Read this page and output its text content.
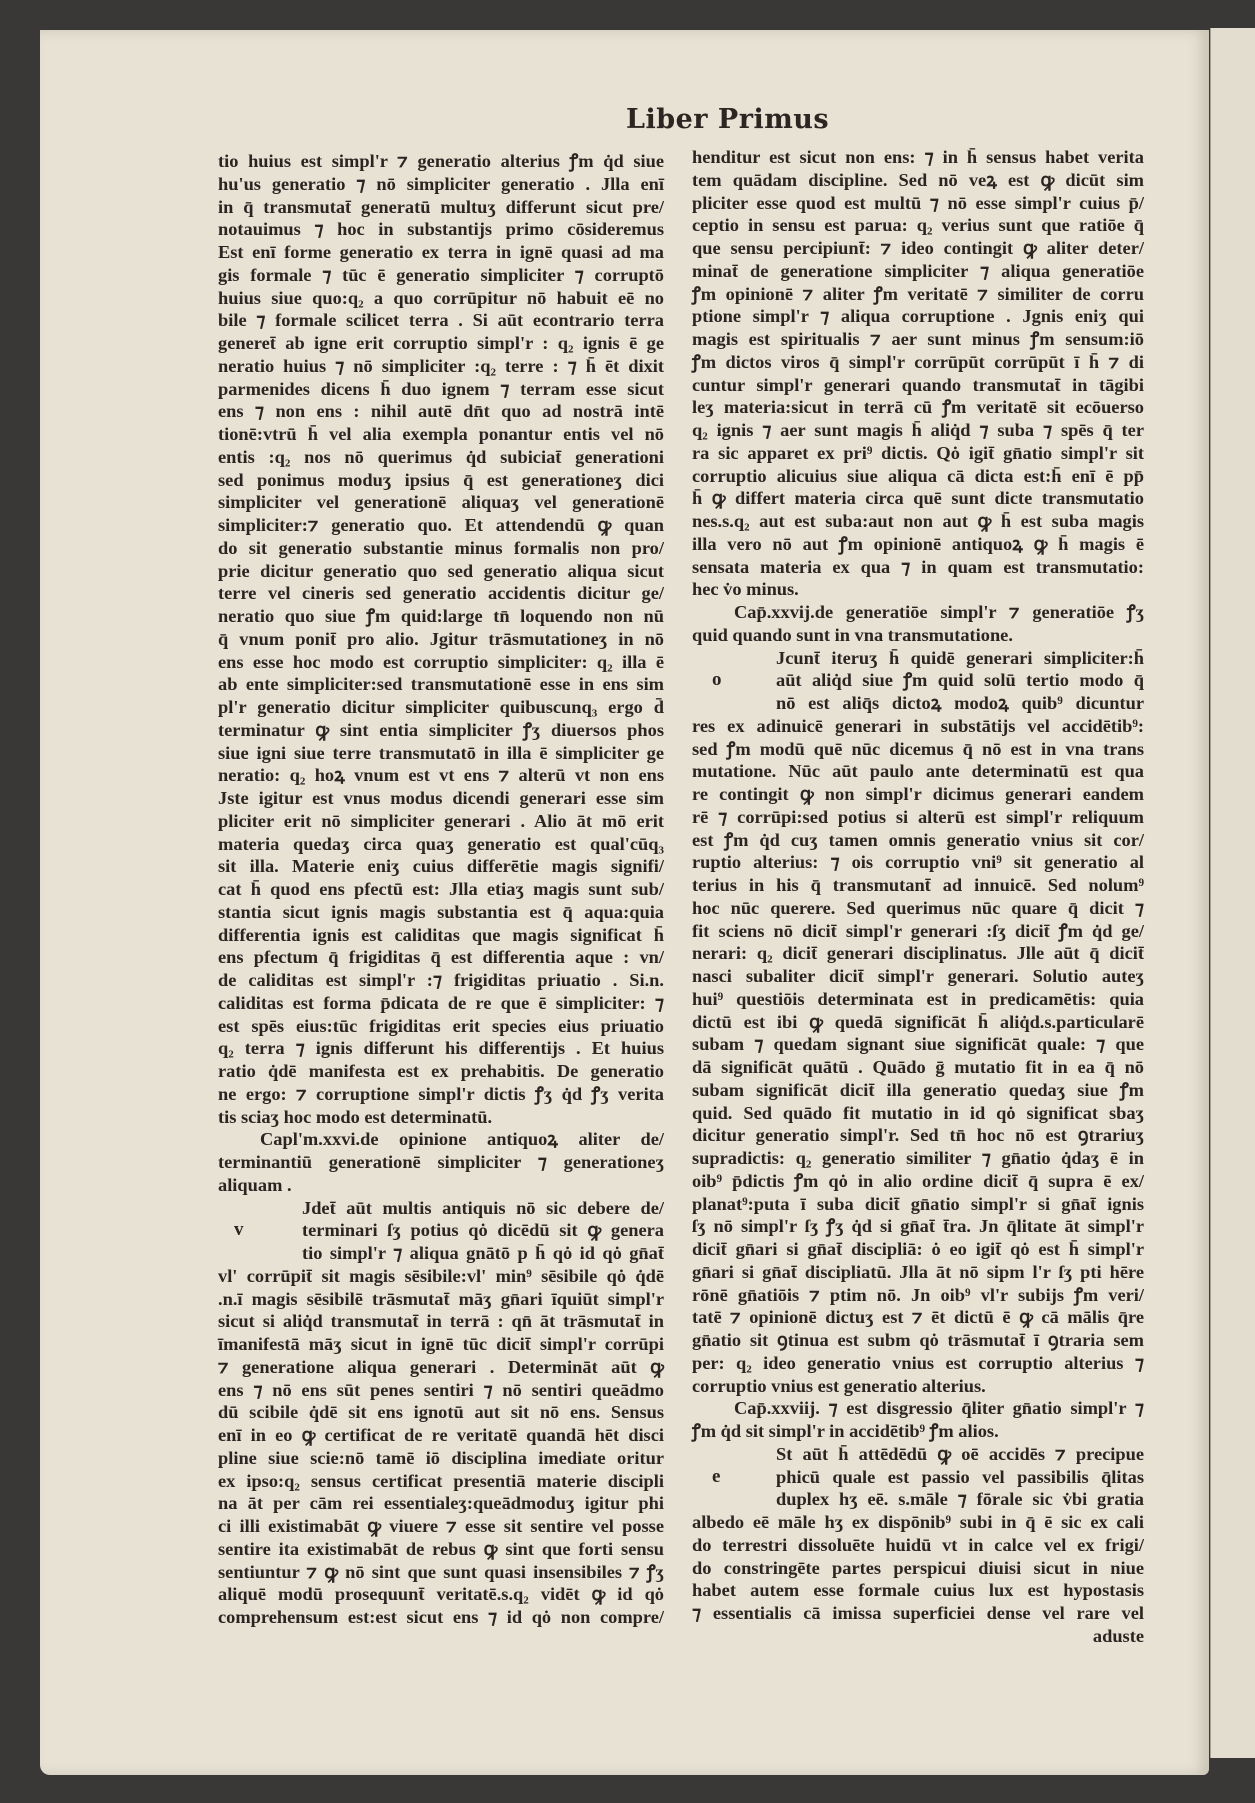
Liber Primus
tio huius est simpl'r ⁊ generatio alterius ꝭm q̇d siue
hu'us generatio ⁊ nō simpliciter generatio . Jlla enī
in q̄ transmutat̄ generatū multuʒ differunt sicut pre/
notauimus ⁊ hoc in substantijs primo cōsideremus
Est enī forme generatio ex terra in ignē quasi ad ma
gis formale ⁊ tūc ē generatio simpliciter ⁊ corruptō
huius siue quo:q₂ a quo corrūpitur nō habuit eē no
bile ⁊ formale scilicet terra . Si aūt econtrario terra
generet̄ ab igne erit corruptio simpl'r : q₂ ignis ē ge
neratio huius ⁊ nō simpliciter :q₂ terre : ⁊ h̄ ēt dixit
parmenides dicens h̄ duo ignem ⁊ terram esse sicut
ens ⁊ non ens : nihil autē dn̄t quo ad nostrā intē
tionē:vtrū h̄ vel alia exempla ponantur entis vel nō
entis :q₂ nos nō querimus q̇d subiciat̄ generationi
sed ponimus moduʒ ipsius q̄ est generationeʒ dici
simpliciter vel generationē aliquaʒ vel generationē
simpliciter:⁊ generatio quo. Et attendendū ꝙ quan
do sit generatio substantie minus formalis non pro/
prie dicitur generatio quo sed generatio aliqua sicut
terre vel cineris sed generatio accidentis dicitur ge/
neratio quo siue ꝭm quid:large tn̄ loquendo non nū
q̄ vnum ponit̄ pro alio. Jgitur trāsmutationeʒ in nō
ens esse hoc modo est corruptio simpliciter: q₂ illa ē
ab ente simpliciter:sed transmutationē esse in ens sim
pl'r generatio dicitur simpliciter quibuscunq₃ ergo d̄
terminatur ꝙ sint entia simpliciter ꝭʒ diuersos phos
siue igni siue terre transmutatō in illa ē simpliciter ge
neratio: q₂ hoꝝ vnum est vt ens ⁊ alterū vt non ens
Jste igitur est vnus modus dicendi generari esse sim
pliciter erit nō simpliciter generari . Alio āt mō erit
materia quedaʒ circa quaʒ generatio est qual'cūq₃
sit illa. Materie eniʒ cuius differētie magis signifi/
cat h̄ quod ens pfectū est: Jlla etiaʒ magis sunt sub/
stantia sicut ignis magis substantia est q̄ aqua:quia
differentia ignis est caliditas que magis significat h̄
ens pfectum q̄ frigiditas q̄ est differentia aque : vn/
de caliditas est simpl'r :⁊ frigiditas priuatio . Si.n.
caliditas est forma p̄dicata de re que ē simpliciter: ⁊
est spēs eius:tūc frigiditas erit species eius priuatio
q₂ terra ⁊ ignis differunt his differentijs . Et huius
ratio q̇dē manifesta est ex prehabitis. De generatio
ne ergo: ⁊ corruptione simpl'r dictis ꝭʒ q̇d ꝭʒ verita
tis sciaʒ hoc modo est determinatū.
Capl'm.xxvi.de opinione antiquoꝝ aliter de/
terminantiū generationē simpliciter ⁊ generationeʒ
aliquam .
Jdet̄ aūt multis antiquis nō sic debere de/
terminari ſʒ potius qȯ dicēdū sit ꝙ genera
tio simpl'r ⁊ aliqua gnātō p h̄ qȯ id qȯ gn̄at̄
vl' corrūpit̄ sit magis sēsibile:vl' min⁹ sēsibile qȯ q̇dē
.n.ī magis sēsibilē trāsmutat̄ māʒ gn̄ari īquiūt simpl'r
sicut si aliq̇d transmutat̄ in terrā : qn̄ āt trāsmutat̄ in
īmanifestā māʒ sicut in ignē tūc dicit̄ simpl'r corrūpi
⁊ generatione aliqua generari . Determināt aūt ꝙ
ens ⁊ nō ens sūt penes sentiri ⁊ nō sentiri queādmo
dū scibile q̇dē sit ens ignotū aut sit nō ens. Sensus
enī in eo ꝙ certificat de re veritatē quandā hēt disci
pline siue scie:nō tamē iō disciplina imediate oritur
ex ipso:q₂ sensus certificat presentiā materie discipli
na āt per cām rei essentialeʒ:queādmoduʒ igitur phi
ci illi existimabāt ꝙ viuere ⁊ esse sit sentire vel posse
sentire ita existimabāt de rebus ꝙ sint que forti sensu
sentiuntur ⁊ ꝙ nō sint que sunt quasi insensibiles ⁊ ꝭʒ
aliquē modū prosequunt̄ veritatē.s.q₂ vidēt ꝙ id qȯ
comprehensum est:est sicut ens ⁊ id qȯ non compre/
v
henditur est sicut non ens: ⁊ in h̄ sensus habet verita
tem quādam discipline. Sed nō veꝝ est ꝙ dicūt sim
pliciter esse quod est multū ⁊ nō esse simpl'r cuius p̄/
ceptio in sensu est parua: q₂ verius sunt que ratiōe q̄
que sensu percipiunt̄: ⁊ ideo contingit ꝙ aliter deter/
minat̄ de generatione simpliciter ⁊ aliqua generatiōe
ꝭm opinionē ⁊ aliter ꝭm veritatē ⁊ similiter de corru
ptione simpl'r ⁊ aliqua corruptione . Jgnis eniʒ qui
magis est spiritualis ⁊ aer sunt minus ꝭm sensum:iō
ꝭm dictos viros q̄ simpl'r corrūpūt corrūpūt ī h̄ ⁊ di
cuntur simpl'r generari quando transmutat̄ in tāgibi
leʒ materia:sicut in terrā cū ꝭm veritatē sit ecōuerso
q₂ ignis ⁊ aer sunt magis h̄ aliq̇d ⁊ suba ⁊ spēs q̄ ter
ra sic apparet ex pri⁹ dictis. Qȯ igit̄ gn̄atio simpl'r sit
corruptio alicuius siue aliqua cā dicta est:h̄ enī ē pp̄
h̄ ꝙ differt materia circa quē sunt dicte transmutatio
nes.s.q₂ aut est suba:aut non aut ꝙ h̄ est suba magis
illa vero nō aut ꝭm opinionē antiquoꝝ ꝙ h̄ magis ē
sensata materia ex qua ⁊ in quam est transmutatio:
hec v̇o minus.
Cap̄.xxvij.de generatiōe simpl'r ⁊ generatiōe ꝭʒ
quid quando sunt in vna transmutatione.
Jcunt̄ iteruʒ h̄ quidē generari simpliciter:h̄
aūt aliq̇d siue ꝭm quid solū tertio modo q̄
nō est aliq̄s dictoꝝ modoꝝ quib⁹ dicuntur
res ex adinuicē generari in substātijs vel accidētib⁹:
sed ꝭm modū quē nūc dicemus q̄ nō est in vna trans
mutatione. Nūc aūt paulo ante determinatū est qua
re contingit ꝙ non simpl'r dicimus generari eandem
rē ⁊ corrūpi:sed potius si alterū est simpl'r reliquum
est ꝭm q̇d cuʒ tamen omnis generatio vnius sit cor/
ruptio alterius: ⁊ ois corruptio vni⁹ sit generatio al
terius in his q̄ transmutant̄ ad innuicē. Sed nolum⁹
hoc nūc querere. Sed querimus nūc quare q̄ dicit ⁊
fit sciens nō dicit̄ simpl'r generari :ſʒ dicit̄ ꝭm q̇d ge/
nerari: q₂ dicit̄ generari disciplinatus. Jlle aūt q̄ dicit̄
nasci subaliter dicit̄ simpl'r generari. Solutio auteʒ
hui⁹ questiōis determinata est in predicamētis: quia
dictū est ibi ꝙ quedā significāt h̄ aliq̇d.s.particularē
subam ⁊ quedam signant siue significāt quale: ⁊ que
dā significāt quātū . Quādo ḡ mutatio fit in ea q̄ nō
subam significāt dicit̄ illa generatio quedaʒ siue ꝭm
quid. Sed quādo fit mutatio in id qȯ significat sbaʒ
dicitur generatio simpl'r. Sed tn̄ hoc nō est ꝯtrariuʒ
supradictis: q₂ generatio similiter ⁊ gn̄atio q̇daʒ ē in
oib⁹ p̄dictis ꝭm qȯ in alio ordine dicit̄ q̄ supra ē ex/
planat⁹:puta ī suba dicit̄ gn̄atio simpl'r si gn̄at̄ ignis
ſʒ nō simpl'r ſʒ ꝭʒ q̇d si gn̄at̄ t̄ra. Jn q̄litate āt simpl'r
dicit̄ gn̄ari si gn̄at̄ discipliā: ȯ eo igit̄ qȯ est h̄ simpl'r
gn̄ari si gn̄at̄ discipliatū. Jlla āt nō sipm l'r ſʒ pti hēre
rōnē gn̄atiōis ⁊ ptim nō. Jn oib⁹ vl'r subijs ꝭm veri/
tatē ⁊ opinionē dictuʒ est ⁊ ēt dictū ē ꝙ cā mālis q̄re
gn̄atio sit ꝯtinua est subm qȯ trāsmutat̄ ī ꝯtraria sem
per: q₂ ideo generatio vnius est corruptio alterius ⁊
corruptio vnius est generatio alterius.
o
Cap̄.xxviij. ⁊ est disgressio q̄liter gn̄atio simpl'r ⁊
ꝭm q̇d sit simpl'r in accidētib⁹ ꝭm alios.
St aūt h̄ attēdēdū ꝙ oē accidēs ⁊ precipue
phicū quale est passio vel passibilis q̄litas
duplex hʒ eē. s.māle ⁊ fōrale sic v̇bi gratia
albedo eē māle hʒ ex dispōnib⁹ subi in q̄ ē sic ex cali
do terrestri dissoluēte huidū vt in calce vel ex frigi/
do constringēte partes perspicui diuisi sicut in niue
habet autem esse formale cuius lux est hypostasis
⁊ essentialis cā imissa superficiei dense vel rare vel
aduste
e
